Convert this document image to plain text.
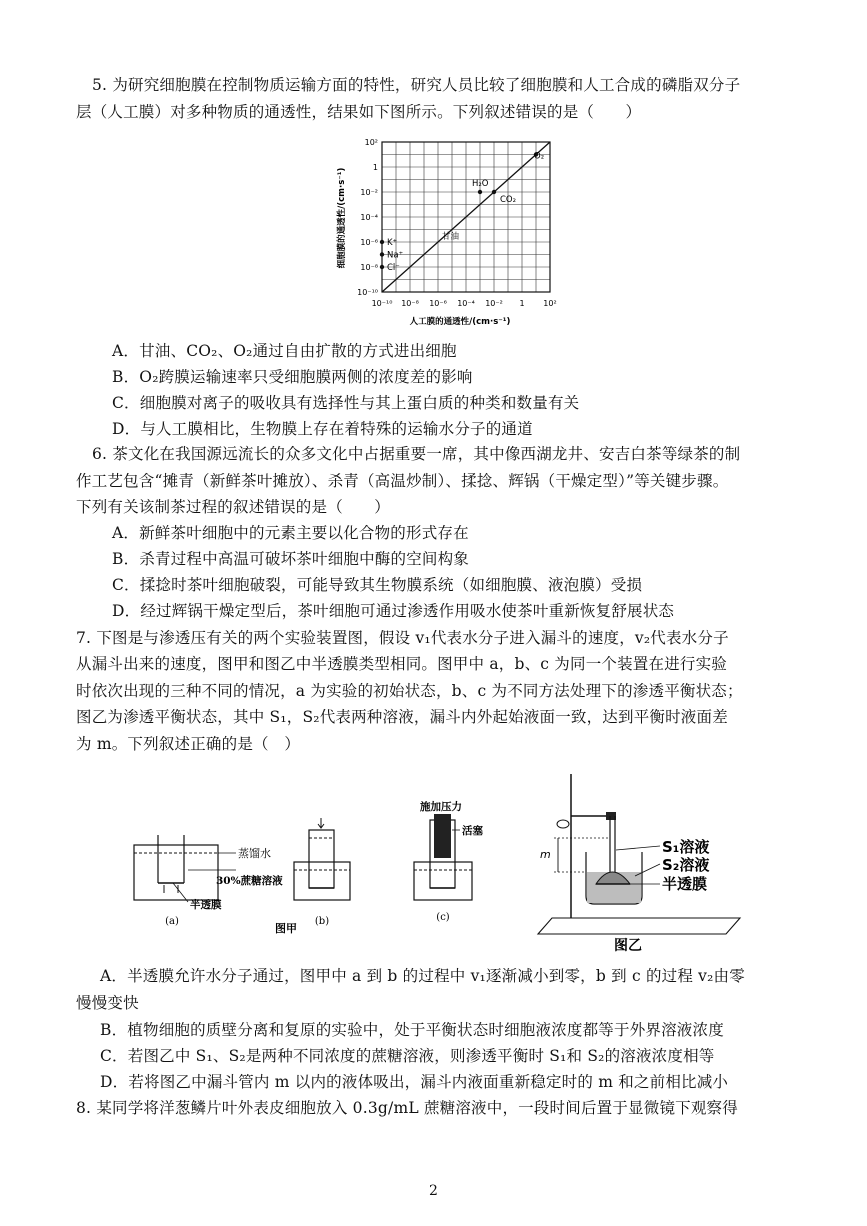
5. 为研究细胞膜在控制物质运输方面的特性，研究人员比较了细胞膜和人工合成的磷脂双分子
层（人工膜）对多种物质的通透性，结果如下图所示。下列叙述错误的是（　　）
10⁻¹⁰ 10⁻⁸ 10⁻⁶ 10⁻⁴ 10⁻² 1 10²
10²
1
10⁻²
10⁻⁴
10⁻⁶
10⁻⁸
10⁻¹⁰
K⁺
Na⁺
Cl⁻
甘油
H₂O
CO₂
O₂
人工膜的通透性/(cm·s⁻¹)
细胞膜的通透性/(cm·s⁻¹)
A．甘油、CO₂、O₂通过自由扩散的方式进出细胞
B．O₂跨膜运输速率只受细胞膜两侧的浓度差的影响
C．细胞膜对离子的吸收具有选择性与其上蛋白质的种类和数量有关
D．与人工膜相比，生物膜上存在着特殊的运输水分子的通道
6. 茶文化在我国源远流长的众多文化中占据重要一席，其中像西湖龙井、安吉白茶等绿茶的制
作工艺包含“摊青（新鲜茶叶摊放）、杀青（高温炒制）、揉捻、辉锅（干燥定型）”等关键步骤。
下列有关该制茶过程的叙述错误的是（　　）
A．新鲜茶叶细胞中的元素主要以化合物的形式存在
B．杀青过程中高温可破坏茶叶细胞中酶的空间构象
C．揉捻时茶叶细胞破裂，可能导致其生物膜系统（如细胞膜、液泡膜）受损
D．经过辉锅干燥定型后，茶叶细胞可通过渗透作用吸水使茶叶重新恢复舒展状态
7. 下图是与渗透压有关的两个实验装置图，假设 v₁代表水分子进入漏斗的速度，v₂代表水分子
从漏斗出来的速度，图甲和图乙中半透膜类型相同。图甲中 a，b、c 为同一个装置在进行实验
时依次出现的三种不同的情况，a 为实验的初始状态，b、c 为不同方法处理下的渗透平衡状态；
图乙为渗透平衡状态，其中 S₁，S₂代表两种溶液，漏斗内外起始液面一致，达到平衡时液面差
为 m。下列叙述正确的是（　）
蒸馏水
30%蔗糖溶液
半透膜
(a)	(b)
施加压力
活塞
(c)
图甲
m	S₁溶液
S₂溶液
半透膜
图乙
A．半透膜允许水分子通过，图甲中 a 到 b 的过程中 v₁逐渐减小到零，b 到 c 的过程 v₂由零
慢慢变快
B．植物细胞的质壁分离和复原的实验中，处于平衡状态时细胞液浓度都等于外界溶液浓度
C．若图乙中 S₁、S₂是两种不同浓度的蔗糖溶液，则渗透平衡时 S₁和 S₂的溶液浓度相等
D．若将图乙中漏斗管内 m 以内的液体吸出，漏斗内液面重新稳定时的 m 和之前相比减小
8. 某同学将洋葱鳞片叶外表皮细胞放入 0.3g/mL 蔗糖溶液中，一段时间后置于显微镜下观察得
2
